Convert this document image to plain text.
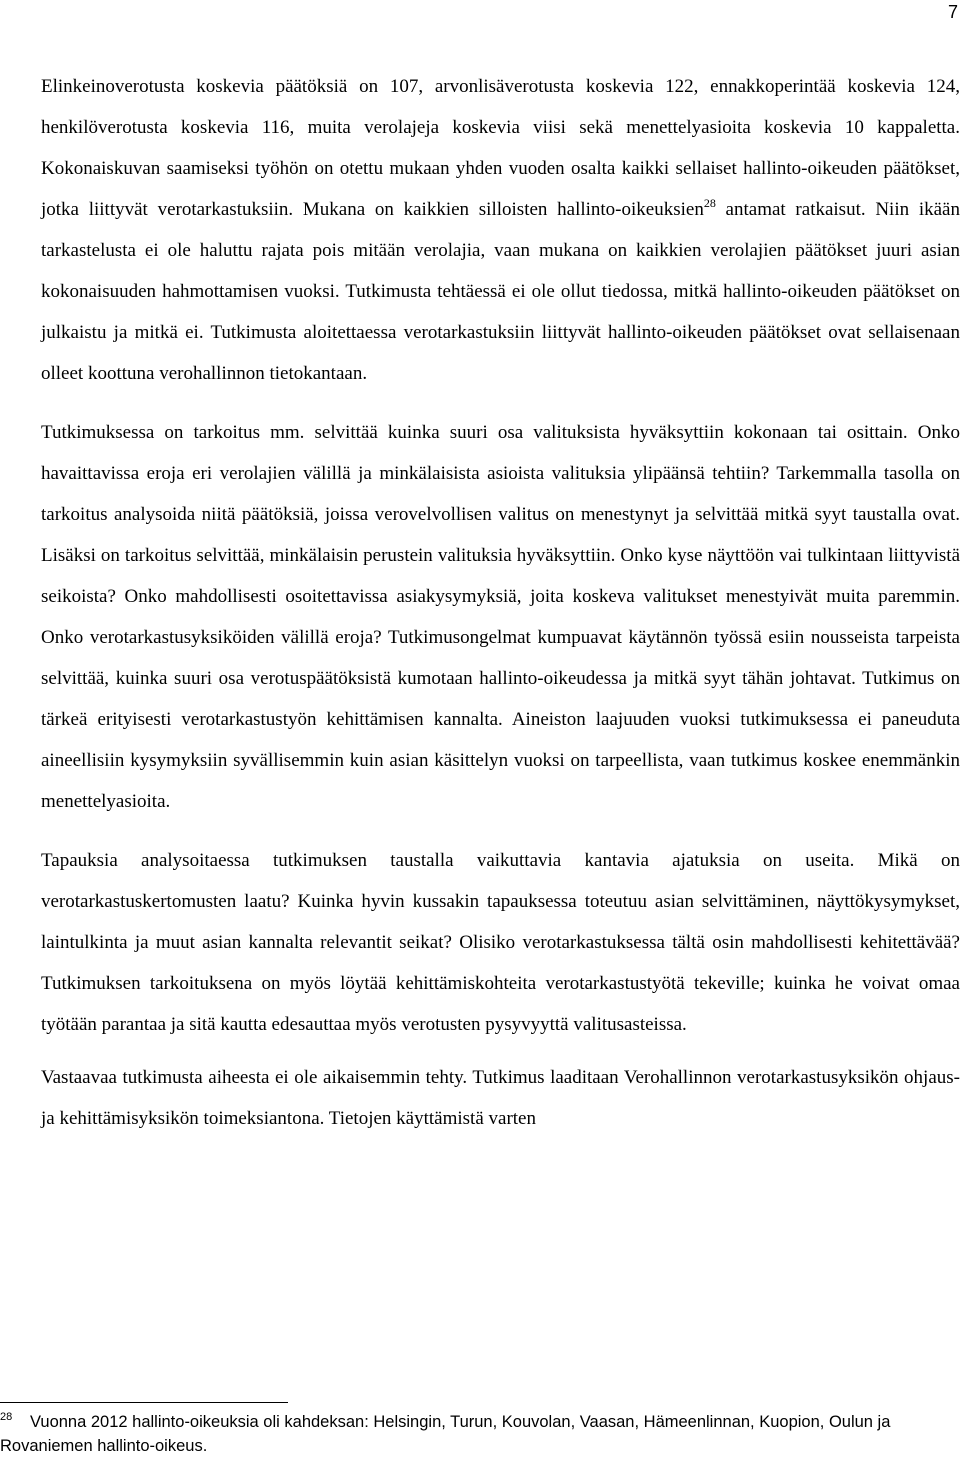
7

Elinkeinoverotusta koskevia päätöksiä on 107, arvonlisäverotusta koskevia 122, ennakkoperintää koskevia 124, henkilöverotusta koskevia 116, muita verolajeja koskevia viisi sekä menettelyasioita koskevia 10 kappaletta. Kokonaiskuvan saamiseksi työhön on otettu mukaan yhden vuoden osalta kaikki sellaiset hallinto-oikeuden päätökset, jotka liittyvät verotarkastuksiin. Mukana on kaikkien silloisten hallinto-oikeuksien$^{28}$ antamat ratkaisut. Niin ikään tarkastelusta ei ole haluttu rajata pois mitään verolajia, vaan mukana on kaikkien verolajien päätökset juuri asian kokonaisuuden hahmottamisen vuoksi. Tutkimusta tehtäessä ei ole ollut tiedossa, mitkä hallinto-oikeuden päätökset on julkaistu ja mitkä ei. Tutkimusta aloitettaessa verotarkastuksiin liittyvät hallinto-oikeuden päätökset ovat sellaisenaan olleet koottuna verohallinnon tietokantaan.

Tutkimuksessa on tarkoitus mm. selvittää kuinka suuri osa valituksista hyväksyttiin kokonaan tai osittain. Onko havaittavissa eroja eri verolajien välillä ja minkälaisista asioista valituksia ylipäänsä tehtiin? Tarkemmalla tasolla on tarkoitus analysoida niitä päätöksiä, joissa verovelvollisen valitus on menestynyt ja selvittää mitkä syyt taustalla ovat. Lisäksi on tarkoitus selvittää, minkälaisin perustein valituksia hyväksyttiin. Onko kyse näyttöön vai tulkintaan liittyvistä seikoista? Onko mahdollisesti osoitettavissa asiakysymyksiä, joita koskeva valitukset menestyivät muita paremmin. Onko verotarkastusyksiköiden välillä eroja? Tutkimusongelmat kumpuavat käytännön työssä esiin nousseista tarpeista selvittää, kuinka suuri osa verotuspäätöksistä kumotaan hallinto-oikeudessa ja mitkä syyt tähän johtavat. Tutkimus on tärkeä erityisesti verotarkastustyön kehittämisen kannalta. Aineiston laajuuden vuoksi tutkimuksessa ei paneuduta aineellisiin kysymyksiin syvällisemmin kuin asian käsittelyn vuoksi on tarpeellista, vaan tutkimus koskee enemmänkin menettelyasioita.

Tapauksia analysoitaessa tutkimuksen taustalla vaikuttavia kantavia ajatuksia on useita. Mikä on verotarkastuskertomusten laatu? Kuinka hyvin kussakin tapauksessa toteutuu asian selvittäminen, näyttökysymykset, laintulkinta ja muut asian kannalta relevantit seikat? Olisiko verotarkastuksessa tältä osin mahdollisesti kehitettävää? Tutkimuksen tarkoituksena on myös löytää kehittämiskohteita verotarkastustyötä tekeville; kuinka he voivat omaa työtään parantaa ja sitä kautta edesauttaa myös verotusten pysyvyyttä valitusasteissa.

Vastaavaa tutkimusta aiheesta ei ole aikaisemmin tehty. Tutkimus laaditaan Verohallinnon verotarkastusyksikön ohjaus- ja kehittämisyksikön toimeksiantona. Tietojen käyttämistä varten

$^{28}$ Vuonna 2012 hallinto-oikeuksia oli kahdeksan: Helsingin, Turun, Kouvolan, Vaasan, Hämeenlinnan, Kuopion, Oulun ja Rovaniemen hallinto-oikeus.
